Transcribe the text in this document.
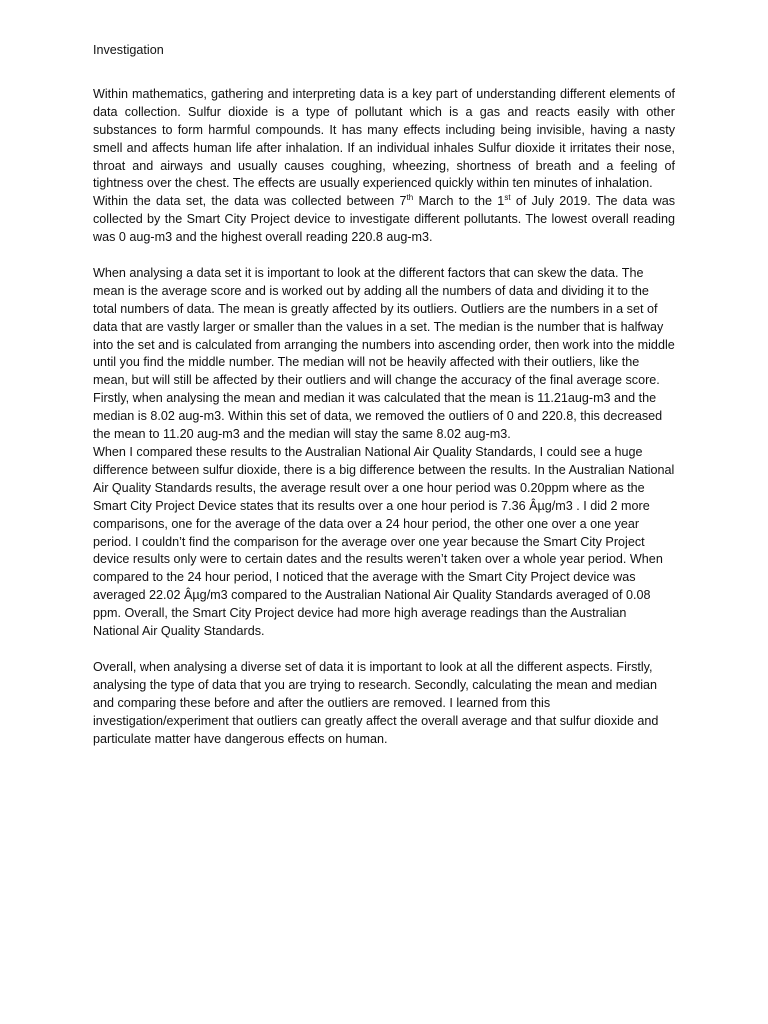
Investigation

Within mathematics, gathering and interpreting data is a key part of understanding different elements of data collection. Sulfur dioxide is a type of pollutant which is a gas and reacts easily with other substances to form harmful compounds. It has many effects including being invisible, having a nasty smell and affects human life after inhalation. If an individual inhales Sulfur dioxide it irritates their nose, throat and airways and usually causes coughing, wheezing, shortness of breath and a feeling of tightness over the chest. The effects are usually experienced quickly within ten minutes of inhalation.

Within the data set, the data was collected between 7th March to the 1st of July 2019. The data was collected by the Smart City Project device to investigate different pollutants. The lowest overall reading was 0 aug-m3 and the highest overall reading 220.8 aug-m3.

When analysing a data set it is important to look at the different factors that can skew the data. The mean is the average score and is worked out by adding all the numbers of data and dividing it to the total numbers of data. The mean is greatly affected by its outliers. Outliers are the numbers in a set of data that are vastly larger or smaller than the values in a set. The median is the number that is halfway into the set and is calculated from arranging the numbers into ascending order, then work into the middle until you find the middle number. The median will not be heavily affected with their outliers, like the mean, but will still be affected by their outliers and will change the accuracy of the final average score. Firstly, when analysing the mean and median it was calculated that the mean is 11.21aug-m3 and the median is 8.02 aug-m3. Within this set of data, we removed the outliers of 0 and 220.8, this decreased the mean to 11.20 aug-m3 and the median will stay the same 8.02 aug-m3.

When I compared these results to the Australian National Air Quality Standards, I could see a huge difference between sulfur dioxide, there is a big difference between the results. In the Australian National Air Quality Standards results, the average result over a one hour period was 0.20ppm where as the Smart City Project Device states that its results over a one hour period is 7.36 Âµg/m3 . I did 2 more comparisons, one for the average of the data over a 24 hour period, the other one over a one year period. I couldn’t find the comparison for the average over one year because the Smart City Project device results only were to certain dates and the results weren’t taken over a whole year period. When compared to the 24 hour period, I noticed that the average with the Smart City Project device was averaged 22.02 Âµg/m3 compared to the Australian National Air Quality Standards averaged of 0.08 ppm. Overall, the Smart City Project device had more high average readings than the Australian National Air Quality Standards.

Overall, when analysing a diverse set of data it is important to look at all the different aspects. Firstly, analysing the type of data that you are trying to research. Secondly, calculating the mean and median and comparing these before and after the outliers are removed. I learned from this investigation/experiment that outliers can greatly affect the overall average and that sulfur dioxide and particulate matter have dangerous effects on human.
